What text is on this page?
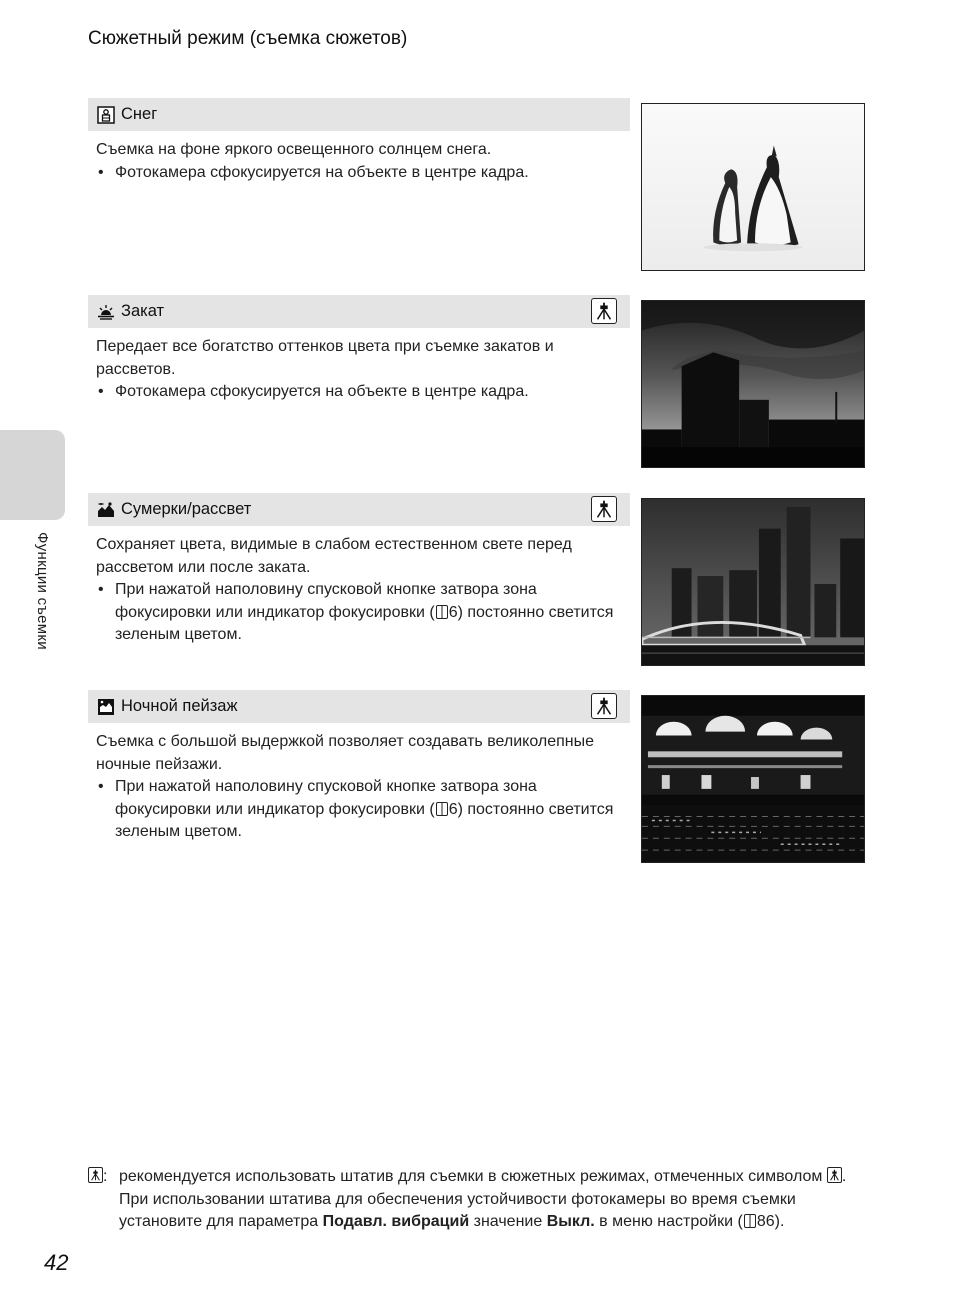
Сюжетный режим (съемка сюжетов)
Функции съемки
Снег

Съемка на фоне яркого освещенного солнцем снега.

• Фотокамера сфокусируется на объекте в центре кадра.

Закат

Передает все богатство оттенков цвета при съемке закатов и рассветов.

• Фотокамера сфокусируется на объекте в центре кадра.

Сумерки/рассвет

Сохраняет цвета, видимые в слабом естественном свете перед рассветом или после заката.

• При нажатой наполовину спусковой кнопке затвора зона фокусировки или индикатор фокусировки ( 6) постоянно светится зеленым цветом.

Ночной пейзаж

Съемка с большой выдержкой позволяет создавать великолепные ночные пейзажи.

• При нажатой наполовину спусковой кнопке затвора зона фокусировки или индикатор фокусировки ( 6) постоянно светится зеленым цветом.

: рекомендуется использовать штатив для съемки в сюжетных режимах, отмеченных символом . При использовании штатива для обеспечения устойчивости фотокамеры во время съемки установите для параметра Подавл. вибраций значение Выкл. в меню настройки ( 86).
42
